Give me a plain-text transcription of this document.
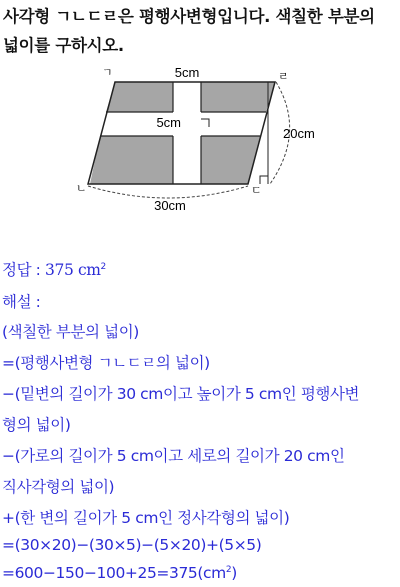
사각형 ㄱㄴㄷㄹ은 평행사변형입니다. 색칠한 부분의
넓이를 구하시오.
5cm
5cm
20cm
30cm
ㄱ	ㄹ
ㄴ	ㄷ
정답 : 375 $cm^2$
해설 :
(색칠한 부분의 넓이)
=(평행사변형 ㄱㄴㄷㄹ의 넓이)
−(밑변의 길이가 30 cm이고 높이가 5 cm인 평행사변
형의 넓이)
−(가로의 길이가 5 cm이고 세로의 길이가 20 cm인
직사각형의 넓이)
+(한 변의 길이가 5 cm인 정사각형의 넓이)
=(30×20)−(30×5)−(5×20)+(5×5)
$=600-150-100+25=375(cm^2)$
